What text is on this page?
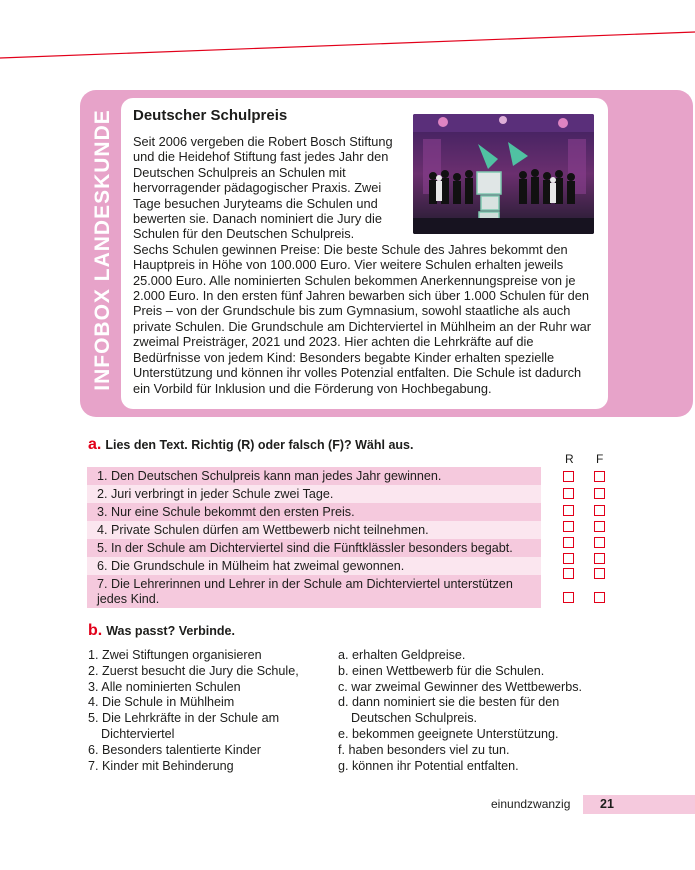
INFOBOX LANDESKUNDE Deutscher Schulpreis

Seit 2006 vergeben die Robert Bosch Stiftung und die Heidehof Stiftung fast jedes Jahr den Deutschen Schulpreis an Schulen mit hervorragender pädagogischer Praxis. Zwei Tage besuchen Juryteams die Schulen und bewerten sie. Danach nominiert die Jury die Schulen für den Deutschen Schulpreis. Sechs Schulen gewinnen Preise: Die beste Schule des Jahres bekommt den Hauptpreis in Höhe von 100.000 Euro. Vier weitere Schulen erhalten jeweils 25.000 Euro. Alle nominierten Schulen bekommen Anerkennungspreise von je 2.000 Euro. In den ersten fünf Jahren bewarben sich über 1.000 Schulen für den Preis – von der Grundschule bis zum Gymnasium, sowohl staatliche als auch private Schulen. Die Grundschule am Dichterviertel in Mühlheim an der Ruhr war zweimal Preisträger, 2021 und 2023. Hier achten die Lehrkräfte auf die Bedürfnisse von jedem Kind: Besonders begabte Kinder erhalten spezielle Unterstützung und können ihr volles Potenzial entfalten. Die Schule ist dadurch ein Vorbild für Inklusion und die Förderung von Hochbegabung.

a. Lies den Text. Richtig (R) oder falsch (F)? Wähl aus.
R F
1. Den Deutschen Schulpreis kann man jedes Jahr gewinnen.
2. Juri verbringt in jeder Schule zwei Tage.
3. Nur eine Schule bekommt den ersten Preis.
4. Private Schulen dürfen am Wettbewerb nicht teilnehmen.
5. In der Schule am Dichterviertel sind die Fünftklässler besonders begabt.
6. Die Grundschule in Mülheim hat zweimal gewonnen.
7. Die Lehrerinnen und Lehrer in der Schule am Dichterviertel unterstützen jedes Kind.
b. Was passt? Verbinde.
1. Zwei Stiftungen organisieren
2. Zuerst besucht die Jury die Schule,
3. Alle nominierten Schulen
4. Die Schule in Mühlheim
5. Die Lehrkräfte in der Schule am Dichterviertel
6. Besonders talentierte Kinder
7. Kinder mit Behinderung
a. erhalten Geldpreise.
b. einen Wettbewerb für die Schulen.
c. war zweimal Gewinner des Wettbewerbs.
d. dann nominiert sie die besten für den Deutschen Schulpreis.
e. bekommen geeignete Unterstützung.
f. haben besonders viel zu tun.
g. können ihr Potential entfalten.
einundzwanzig 21
